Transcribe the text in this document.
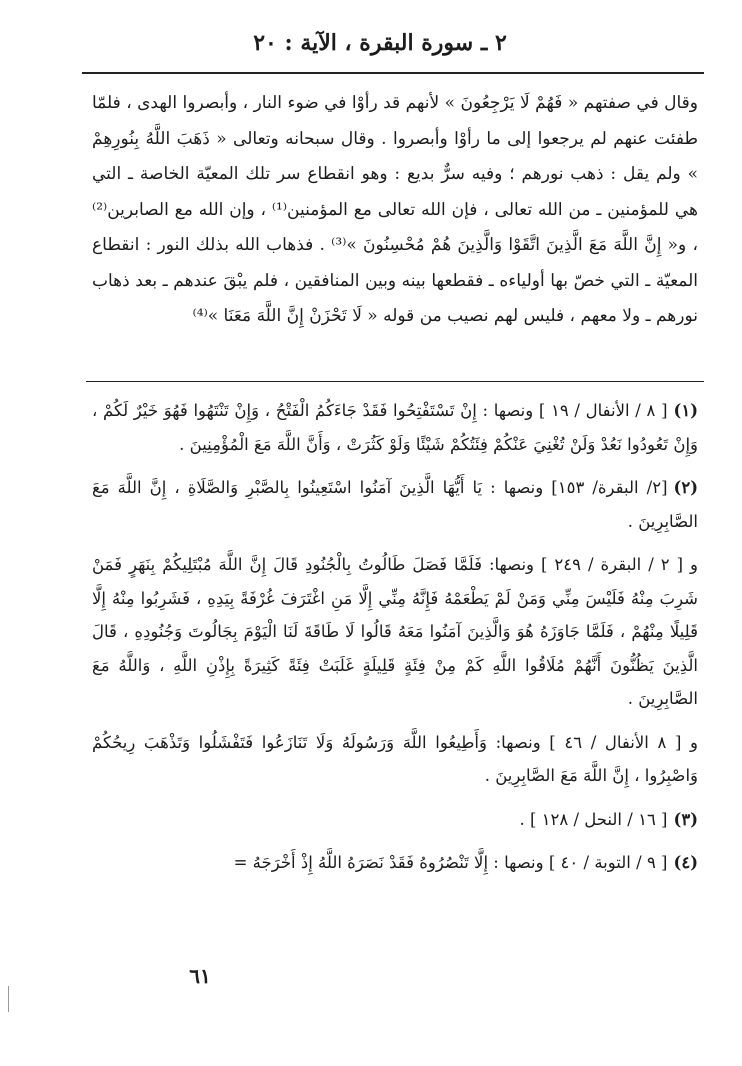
٢ ـ سورة البقرة ، الآية : ٢٠

وقال في صفتهم « فَهُمْ لَا يَرْجِعُونَ » لأنهم قد رأوْا في ضوء النار ، وأبصروا الهدى ، فلمّا طفئت عنهم لم يرجعوا إلى ما رأوْا وأبصروا . وقال سبحانه وتعالى « ذَهَبَ اللَّهُ بِنُورِهِمْ » ولم يقل : ذهب نورهم ؛ وفيه سرٌّ بديع : وهو انقطاع سر تلك المعيّة الخاصة ـ التي هي للمؤمنين ـ من الله تعالى ، فإن الله تعالى مع المؤمنين⁽¹⁾ ، وإن الله مع الصابرين⁽²⁾ ، و« إِنَّ اللَّهَ مَعَ الَّذِينَ اتَّقَوْا وَالَّذِينَ هُمْ مُحْسِنُونَ »⁽³⁾ . فذهاب الله بذلك النور : انقطاع المعيّة ـ التي خصّ بها أولياءه ـ فقطعها بينه وبين المنافقين ، فلم يبْقَ عندهم ـ بعد ذهاب نورهم ـ ولا معهم ، فليس لهم نصيب من قوله « لَا تَحْزَنْ إِنَّ اللَّهَ مَعَنَا »⁽⁴⁾

(١)[ ٨ / الأنفال / ١٩ ] ونصها : إِنْ تَسْتَفْتِحُوا فَقَدْ جَاءَكُمُ الْفَتْحُ ، وَإِنْ تَنْتَهُوا فَهُوَ خَيْرٌ لَكُمْ ، وَإِنْ تَعُودُوا نَعُدْ وَلَنْ تُغْنِيَ عَنْكُمْ فِئَتُكُمْ شَيْئًا وَلَوْ كَثُرَتْ ، وَأَنَّ اللَّهَ مَعَ الْمُؤْمِنِينَ .

(٢)[٢/ البقرة/ ١٥٣] ونصها : يَا أَيُّهَا الَّذِينَ آمَنُوا اسْتَعِينُوا بِالصَّبْرِ وَالصَّلَاةِ ، إِنَّ اللَّهَ مَعَ الصَّابِرِينَ .

و [ ٢ / البقرة / ٢٤٩ ] ونصها: فَلَمَّا فَصَلَ طَالُوتُ بِالْجُنُودِ قَالَ إِنَّ اللَّهَ مُبْتَلِيكُمْ بِنَهَرٍ فَمَنْ شَرِبَ مِنْهُ فَلَيْسَ مِنِّي وَمَنْ لَمْ يَطْعَمْهُ فَإِنَّهُ مِنِّي إِلَّا مَنِ اغْتَرَفَ غُرْفَةً بِيَدِهِ ، فَشَرِبُوا مِنْهُ إِلَّا قَلِيلًا مِنْهُمْ ، فَلَمَّا جَاوَزَهُ هُوَ وَالَّذِينَ آمَنُوا مَعَهُ قَالُوا لَا طَاقَةَ لَنَا الْيَوْمَ بِجَالُوتَ وَجُنُودِهِ ، قَالَ الَّذِينَ يَظُنُّونَ أَنَّهُمْ مُلَاقُوا اللَّهِ كَمْ مِنْ فِئَةٍ قَلِيلَةٍ غَلَبَتْ فِئَةً كَثِيرَةً بِإِذْنِ اللَّهِ ، وَاللَّهُ مَعَ الصَّابِرِينَ .

و [ ٨ الأنفال / ٤٦ ] ونصها: وَأَطِيعُوا اللَّهَ وَرَسُولَهُ وَلَا تَنَازَعُوا فَتَفْشَلُوا وَتَذْهَبَ رِيحُكُمْ وَاصْبِرُوا ، إِنَّ اللَّهَ مَعَ الصَّابِرِينَ .

(٣)[ ١٦ / النحل / ١٢٨ ] .

(٤)[ ٩ / التوبة / ٤٠ ] ونصها : إِلَّا تَنْصُرُوهُ فَقَدْ نَصَرَهُ اللَّهُ إِذْ أَخْرَجَهُ =

٦١
